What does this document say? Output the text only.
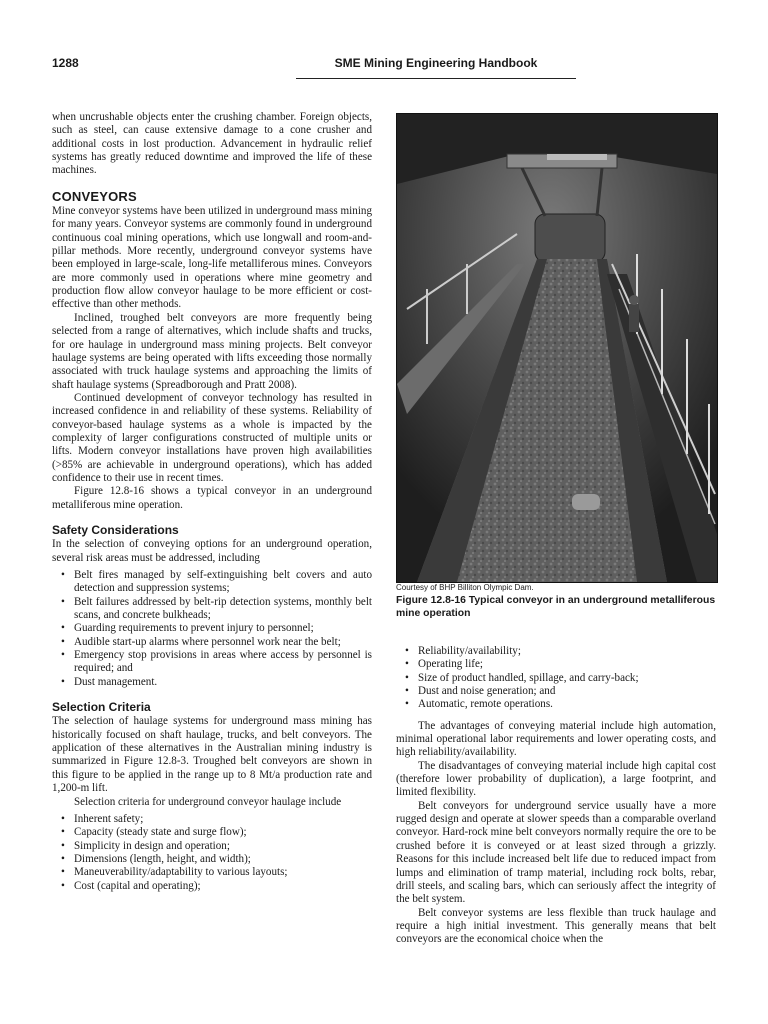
1288	SME Mining Engineering Handbook

when uncrushable objects enter the crushing chamber. Foreign objects, such as steel, can cause extensive damage to a cone crusher and additional costs in lost production. Advancement in hydraulic relief systems has greatly reduced downtime and improved the life of these machines.

CONVEYORS

Mine conveyor systems have been utilized in underground mass mining for many years. Conveyor systems are commonly found in underground continuous coal mining operations, which use longwall and room-and-pillar methods. More recently, underground conveyor systems have been employed in large-scale, long-life metalliferous mines. Conveyors are more commonly used in operations where mine geometry and production flow allow conveyor haulage to be more efficient or cost-effective than other methods.

Inclined, troughed belt conveyors are more frequently being selected from a range of alternatives, which include shafts and trucks, for ore haulage in underground mass mining projects. Belt conveyor haulage systems are being operated with lifts exceeding those normally associated with truck haulage systems and approaching the limits of shaft haulage systems (Spreadborough and Pratt 2008).

Continued development of conveyor technology has resulted in increased confidence in and reliability of these systems. Reliability of conveyor-based haulage systems as a whole is impacted by the complexity of larger configurations constructed of multiple units or lifts. Modern conveyor installations have proven high availabilities (>85% are achievable in underground operations), which has added confidence to their use in recent times.

Figure 12.8-16 shows a typical conveyor in an underground metalliferous mine operation.

Safety Considerations

In the selection of conveying options for an underground operation, several risk areas must be addressed, including

• Belt fires managed by self-extinguishing belt covers and auto detection and suppression systems;
• Belt failures addressed by belt-rip detection systems, monthly belt scans, and concrete bulkheads;
• Guarding requirements to prevent injury to personnel;
• Audible start-up alarms where personnel work near the belt;
• Emergency stop provisions in areas where access by personnel is required; and
• Dust management.
Selection Criteria

The selection of haulage systems for underground mass mining has historically focused on shaft haulage, trucks, and belt conveyors. The application of these alternatives in the Australian mining industry is summarized in Figure 12.8-3. Troughed belt conveyors are shown in this figure to be applied in the range up to 8 Mt/a production rate and 1,200-m lift.

Selection criteria for underground conveyor haulage include

• Inherent safety;
• Capacity (steady state and surge flow);
• Simplicity in design and operation;
• Dimensions (length, height, and width);
• Maneuverability/adaptability to various layouts;
• Cost (capital and operating);
Courtesy of BHP Billiton Olympic Dam.
Figure 12.8-16 Typical conveyor in an underground metalliferous mine operation
• Reliability/availability;
• Operating life;
• Size of product handled, spillage, and carry-back;
• Dust and noise generation; and
• Automatic, remote operations.

The advantages of conveying material include high automation, minimal operational labor requirements and lower operating costs, and high reliability/availability.

The disadvantages of conveying material include high capital cost (therefore lower probability of duplication), a large footprint, and limited flexibility.

Belt conveyors for underground service usually have a more rugged design and operate at slower speeds than a comparable overland conveyor. Hard-rock mine belt conveyors normally require the ore to be crushed before it is conveyed or at least sized through a grizzly. Reasons for this include increased belt life due to reduced impact from lumps and elimination of tramp material, including rock bolts, rebar, drill steels, and scaling bars, which can seriously affect the integrity of the belt system.

Belt conveyor systems are less flexible than truck haulage and require a high initial investment. This generally means that belt conveyors are the economical choice when the
